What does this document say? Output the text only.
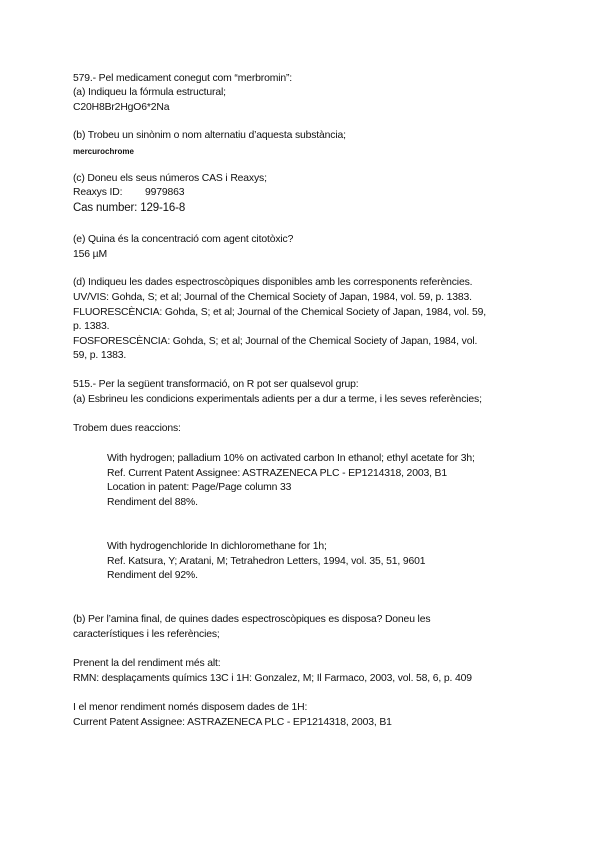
579.- Pel medicament conegut com “merbromin”:
(a) Indiqueu la fórmula estructural;
C20H8Br2HgO6*2Na
(b) Trobeu un sinònim o nom alternatiu d’aquesta substància;
mercurochrome
(c) Doneu els seus números CAS i Reaxys;
Reaxys ID: 9979863
Cas number: 129-16-8
(e) Quina és la concentració com agent citotòxic?
156 µM
(d) Indiqueu les dades espectroscòpiques disponibles amb les corresponents referències.
UV/VIS: Gohda, S; et al; Journal of the Chemical Society of Japan, 1984, vol. 59, p. 1383.
FLUORESCÈNCIA: Gohda, S; et al; Journal of the Chemical Society of Japan, 1984, vol. 59,
p. 1383.
FOSFORESCÈNCIA: Gohda, S; et al; Journal of the Chemical Society of Japan, 1984, vol.
59, p. 1383.
515.- Per la següent transformació, on R pot ser qualsevol grup:
(a) Esbrineu les condicions experimentals adients per a dur a terme, i les seves referències;
Trobem dues reaccions:
With hydrogen; palladium 10% on activated carbon In ethanol; ethyl acetate for 3h;
Ref. Current Patent Assignee: ASTRAZENECA PLC - EP1214318, 2003, B1
Location in patent: Page/Page column 33
Rendiment del 88%.
With hydrogenchloride In dichloromethane for 1h;
Ref. Katsura, Y; Aratani, M; Tetrahedron Letters, 1994, vol. 35, 51, 9601
Rendiment del 92%.
(b) Per l’amina final, de quines dades espectroscòpiques es disposa? Doneu les
característiques i les referències;
Prenent la del rendiment més alt:
RMN: desplaçaments químics 13C i 1H: Gonzalez, M; Il Farmaco, 2003, vol. 58, 6, p. 409
I el menor rendiment només disposem dades de 1H:
Current Patent Assignee: ASTRAZENECA PLC - EP1214318, 2003, B1
